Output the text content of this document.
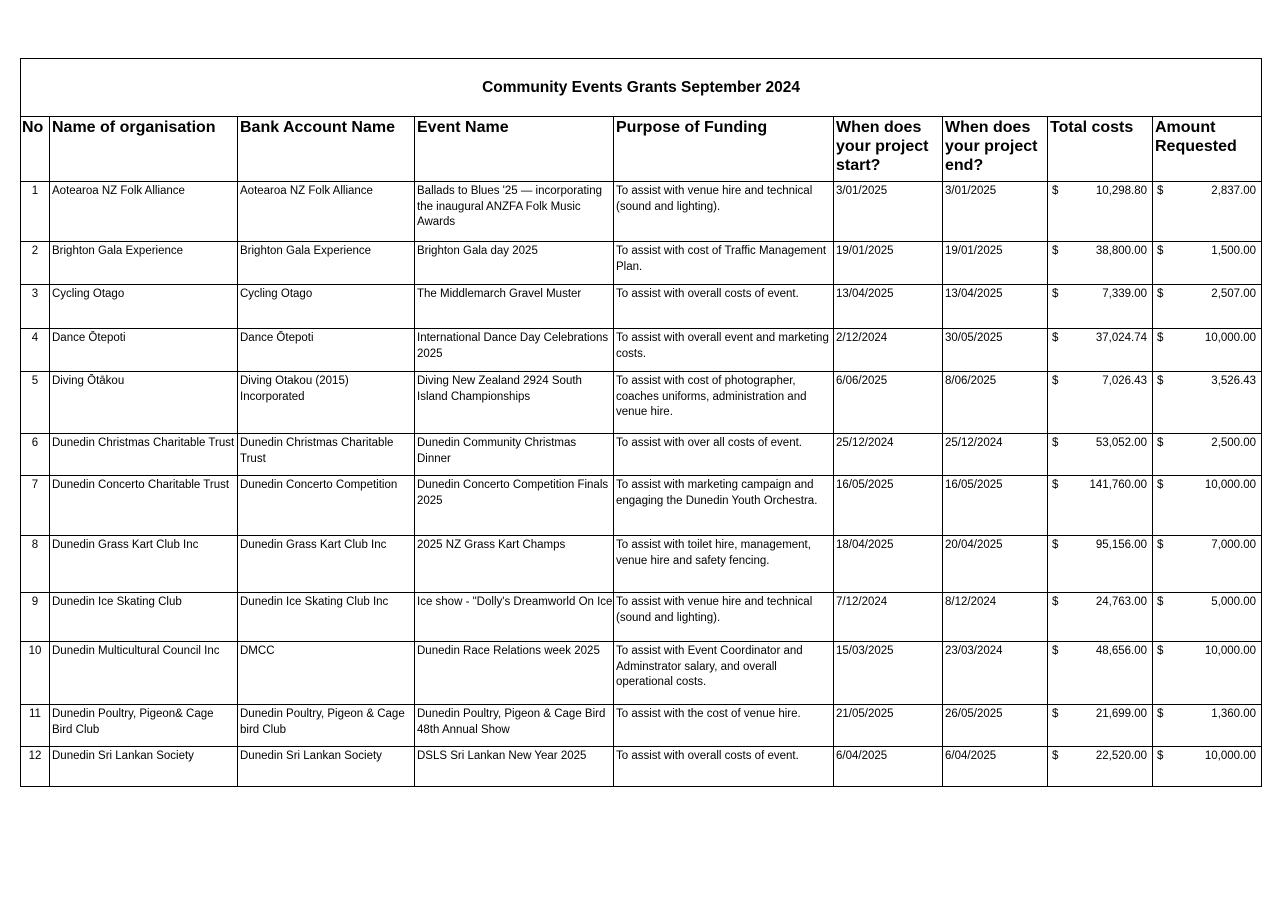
Community Events Grants September 2024								
No	Name of organisation	Bank Account Name	Event Name	Purpose of Funding	When does your project start?	When does your project end?	Total costs	Amount Requested
1	Aotearoa NZ Folk Alliance	Aotearoa NZ Folk Alliance	Ballads to Blues '25 — incorporating the inaugural ANZFA Folk Music Awards	To assist with venue hire and technical (sound and lighting).	3/01/2025	3/01/2025	$ 10,298.80	$ 2,837.00

2	Brighton Gala Experience	Brighton Gala Experience	Brighton Gala day 2025	To assist with cost of Traffic Management Plan.	19/01/2025	19/01/2025	$ 38,800.00	$ 1,500.00

3	Cycling Otago	Cycling Otago	The Middlemarch Gravel Muster	To assist with overall costs of event.	13/04/2025	13/04/2025	$ 7,339.00	$ 2,507.00

4	Dance Ōtepoti	Dance Ōtepoti	International Dance Day Celebrations 2025	To assist with overall event and marketing costs.	2/12/2024	30/05/2025	$ 37,024.74	$ 10,000.00

5	Diving Ōtākou	Diving Otakou (2015) Incorporated	Diving New Zealand 2924 South Island Championships	To assist with cost of photographer, coaches uniforms, administration and venue hire.	6/06/2025	8/06/2025	$ 7,026.43	$ 3,526.43

6	Dunedin Christmas Charitable Trust	Dunedin Christmas Charitable Trust	Dunedin Community Christmas Dinner	To assist with over all costs of event.	25/12/2024	25/12/2024	$ 53,052.00	$ 2,500.00

7	Dunedin Concerto Charitable Trust	Dunedin Concerto Competition	Dunedin Concerto Competition Finals 2025	To assist with marketing campaign and engaging the Dunedin Youth Orchestra.	16/05/2025	16/05/2025	$ 141,760.00	$ 10,000.00

8	Dunedin Grass Kart Club Inc	Dunedin Grass Kart Club Inc	2025 NZ Grass Kart Champs	To assist with toilet hire, management, venue hire and safety fencing.	18/04/2025	20/04/2025	$ 95,156.00	$ 7,000.00

9	Dunedin Ice Skating Club	Dunedin Ice Skating Club Inc	Ice show - "Dolly's Dreamworld On Ice	To assist with venue hire and technical (sound and lighting).	7/12/2024	8/12/2024	$ 24,763.00	$ 5,000.00

10	Dunedin Multicultural Council Inc	DMCC	Dunedin Race Relations week 2025	To assist with Event Coordinator and Adminstrator salary, and overall operational costs.	15/03/2025	23/03/2024	$ 48,656.00	$ 10,000.00

11	Dunedin Poultry, Pigeon& Cage Bird Club	Dunedin Poultry, Pigeon & Cage bird Club	Dunedin Poultry, Pigeon & Cage Bird 48th Annual Show	To assist with the cost of venue hire.	21/05/2025	26/05/2025	$ 21,699.00	$ 1,360.00

12	Dunedin Sri Lankan Society	Dunedin Sri Lankan Society	DSLS Sri Lankan New Year 2025	To assist with overall costs of event.	6/04/2025	6/04/2025	$ 22,520.00	$ 10,000.00
